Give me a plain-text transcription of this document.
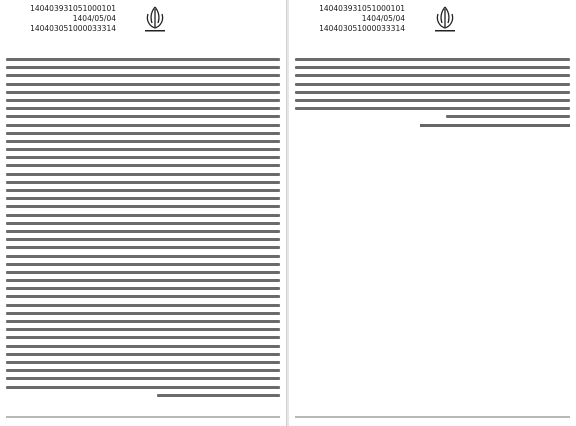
140403931051000101
1404/05/04
140403051000033314
140403931051000101
1404/05/04
140403051000033314
